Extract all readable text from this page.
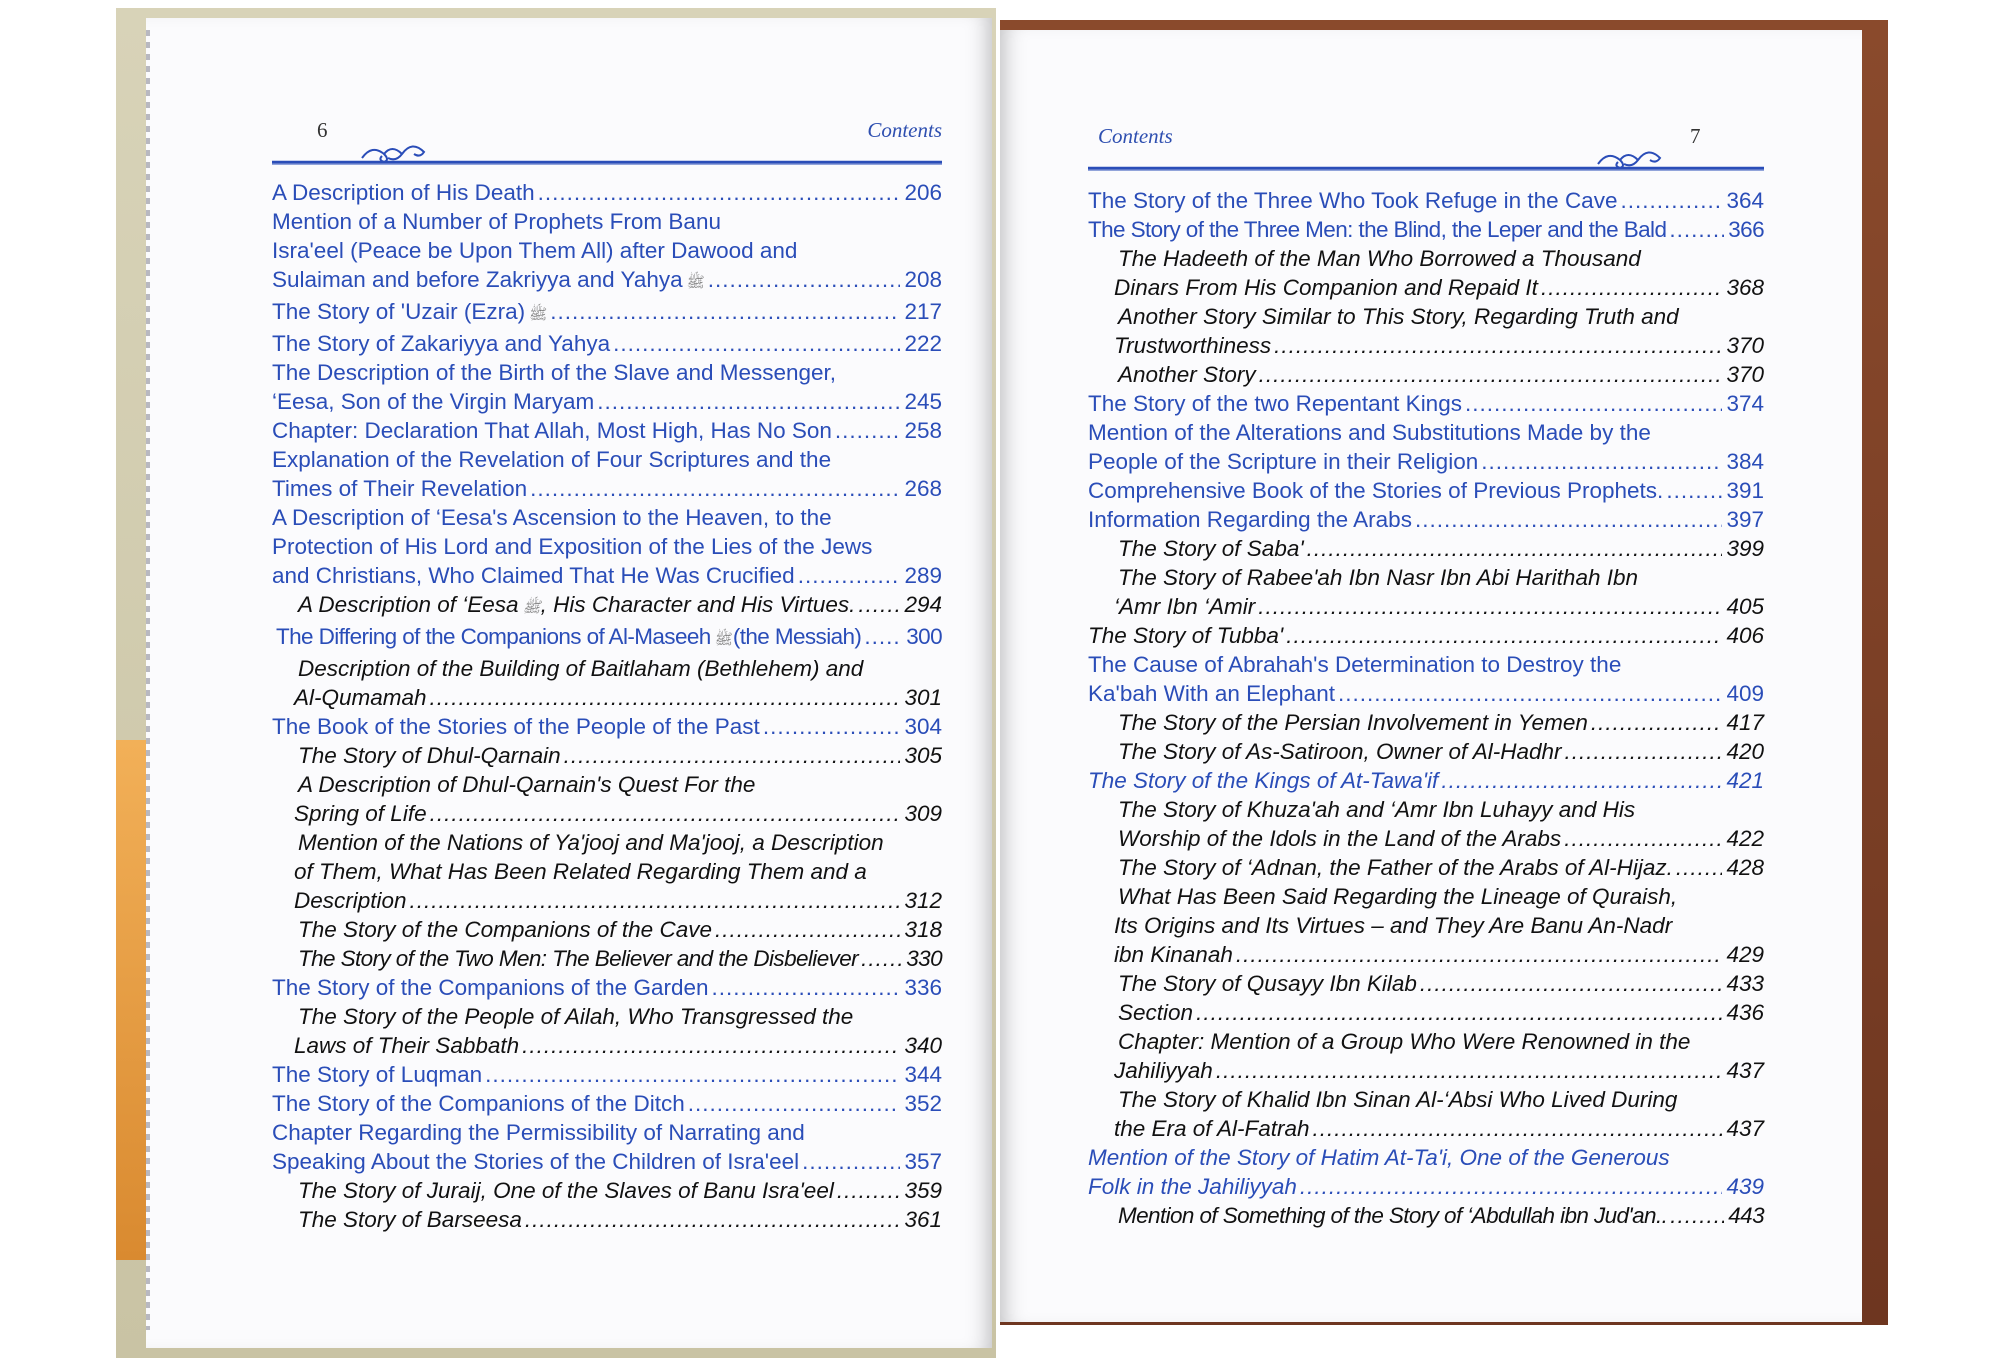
6	Contents
A Description of His Death .....	206
Mention of a Number of Prophets From Banu
Isra'eel (Peace be Upon Them All) after Dawood and
Sulaiman and before Zakriyya and Yahya ﷺ .....	208
The Story of 'Uzair (Ezra) ﷺ .....	217
The Story of Zakariyya and Yahya .....	222
The Description of the Birth of the Slave and Messenger,
‘Eesa, Son of the Virgin Maryam .....	245
Chapter: Declaration That Allah, Most High, Has No Son .....	258
Explanation of the Revelation of Four Scriptures and the
Times of Their Revelation .....	268
A Description of ‘Eesa's Ascension to the Heaven, to the
Protection of His Lord and Exposition of the Lies of the Jews
and Christians, Who Claimed That He Was Crucified .....	289
A Description of ‘Eesa ﷺ , His Character and His Virtues. ..... 294
The Differing of the Companions of Al-Maseeh ﷺ (the Messiah) ..... 300
Description of the Building of Baitlaham (Bethlehem) and
Al-Qumamah .....	301
The Book of the Stories of the People of the Past .....	304
The Story of Dhul-Qarnain .....	305
A Description of Dhul-Qarnain's Quest For the
Spring of Life .....	309
Mention of the Nations of Ya'jooj and Ma'jooj, a Description
of Them, What Has Been Related Regarding Them and a
Description .....	312
The Story of the Companions of the Cave .....	318
The Story of the Two Men: The Believer and the Disbeliever ..... 330
The Story of the Companions of the Garden .....	336
The Story of the People of Ailah, Who Transgressed the
Laws of Their Sabbath .....	340
The Story of Luqman .....	344
The Story of the Companions of the Ditch .....	352
Chapter Regarding the Permissibility of Narrating and
Speaking About the Stories of the Children of Isra'eel .....	357
The Story of Juraij, One of the Slaves of Banu Isra'eel .....	359
The Story of Barseesa .....	361
Contents	7
The Story of the Three Who Took Refuge in the Cave .....	364
The Story of the Three Men: the Blind, the Leper and the Bald .....	366
The Hadeeth of the Man Who Borrowed a Thousand
Dinars From His Companion and Repaid It .....	368
Another Story Similar to This Story, Regarding Truth and
Trustworthiness .....	370
Another Story .....	370
The Story of the two Repentant Kings .....	374
Mention of the Alterations and Substitutions Made by the
People of the Scripture in their Religion .....	384
Comprehensive Book of the Stories of Previous Prophets. .....	391
Information Regarding the Arabs .....	397
The Story of Saba' .....	399
The Story of Rabee'ah Ibn Nasr Ibn Abi Harithah Ibn
‘Amr Ibn ‘Amir .....	405
The Story of Tubba' .....	406
The Cause of Abrahah's Determination to Destroy the
Ka'bah With an Elephant .....	409
The Story of the Persian Involvement in Yemen .....	417
The Story of As-Satiroon, Owner of Al-Hadhr .....	420
The Story of the Kings of At-Tawa'if .....	421
The Story of Khuza'ah and ‘Amr Ibn Luhayy and His
Worship of the Idols in the Land of the Arabs .....	422
The Story of ‘Adnan, the Father of the Arabs of Al-Hijaz. ..... 428
What Has Been Said Regarding the Lineage of Quraish,
Its Origins and Its Virtues – and They Are Banu An-Nadr
ibn Kinanah .....	429
The Story of Qusayy Ibn Kilab .....	433
Section .....	436
Chapter: Mention of a Group Who Were Renowned in the
Jahiliyyah .....	437
The Story of Khalid Ibn Sinan Al-‘Absi Who Lived During
the Era of Al-Fatrah .....	437
Mention of the Story of Hatim At-Ta'i, One of the Generous
Folk in the Jahiliyyah .....	439
Mention of Something of the Story of ‘Abdullah ibn Jud'an.. .....	443
